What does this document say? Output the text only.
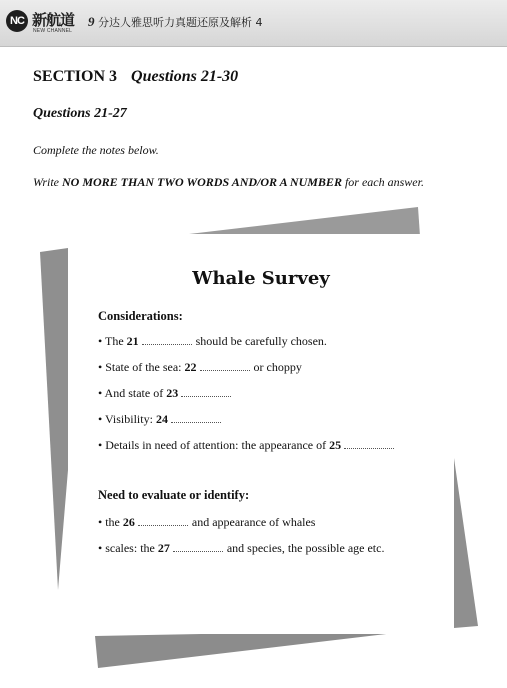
NC 新航道
NEW CHANNEL
9 分达人雅思听力真题还原及解析 4
SECTION 3 Questions 21-30
Questions 21-27
Complete the notes below.
Write NO MORE THAN TWO WORDS AND/OR A NUMBER for each answer.
Whale Survey
Considerations:
• The 21	should be carefully chosen.
• State of the sea: 22	or choppy
• And state of 23
• Visibility: 24
• Details in need of attention: the appearance of 25
Need to evaluate or identify:
• the 26	and appearance of whales
• scales: the 27	and species, the possible age etc.
